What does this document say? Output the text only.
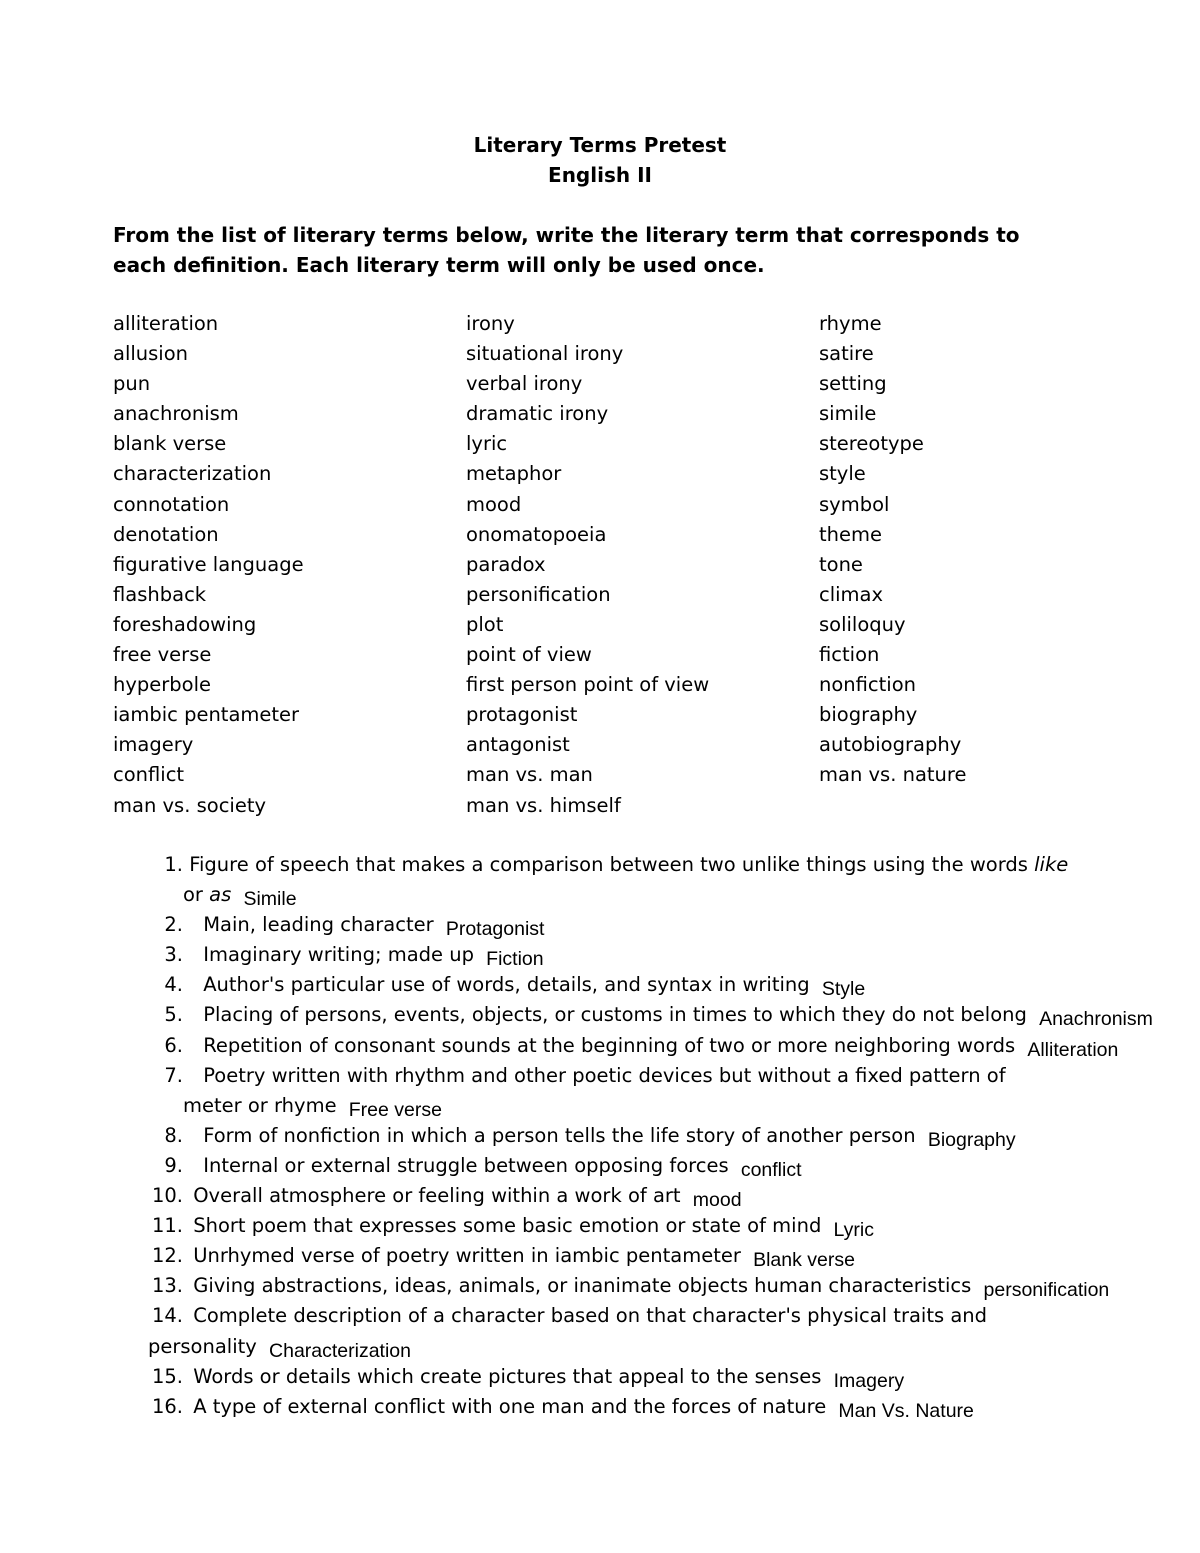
Literary Terms Pretest
English II

From the list of literary terms below, write the literary term that corresponds to each definition. Each literary term will only be used once.

alliteration
allusion
pun
anachronism
blank verse
characterization
connotation
denotation
figurative language
flashback
foreshadowing
free verse
hyperbole
iambic pentameter
imagery
conflict
man vs. society
irony
situational irony
verbal irony
dramatic irony
lyric
metaphor
mood
onomatopoeia
paradox
personification
plot
point of view
first person point of view
protagonist
antagonist
man vs. man
man vs. himself
rhyme
satire
setting
simile
stereotype
style
symbol
theme
tone
climax
soliloquy
fiction
nonfiction
biography
autobiography
man vs. nature
1. Figure of speech that makes a comparison between two unlike things using the words like
or as Simile
2. Main, leading character Protagonist
3. Imaginary writing; made up Fiction
4. Author's particular use of words, details, and syntax in writing Style
5. Placing of persons, events, objects, or customs in times to which they do not belong Anachronism
6. Repetition of consonant sounds at the beginning of two or more neighboring words Alliteration
7. Poetry written with rhythm and other poetic devices but without a fixed pattern of
meter or rhyme Free verse
8. Form of nonfiction in which a person tells the life story of another person Biography
9. Internal or external struggle between opposing forces conflict
10. Overall atmosphere or feeling within a work of art mood
11. Short poem that expresses some basic emotion or state of mind Lyric
12. Unrhymed verse of poetry written in iambic pentameter Blank verse
13. Giving abstractions, ideas, animals, or inanimate objects human characteristics personification
14. Complete description of a character based on that character's physical traits and
personality Characterization
15. Words or details which create pictures that appeal to the senses Imagery
16. A type of external conflict with one man and the forces of nature Man Vs. Nature
